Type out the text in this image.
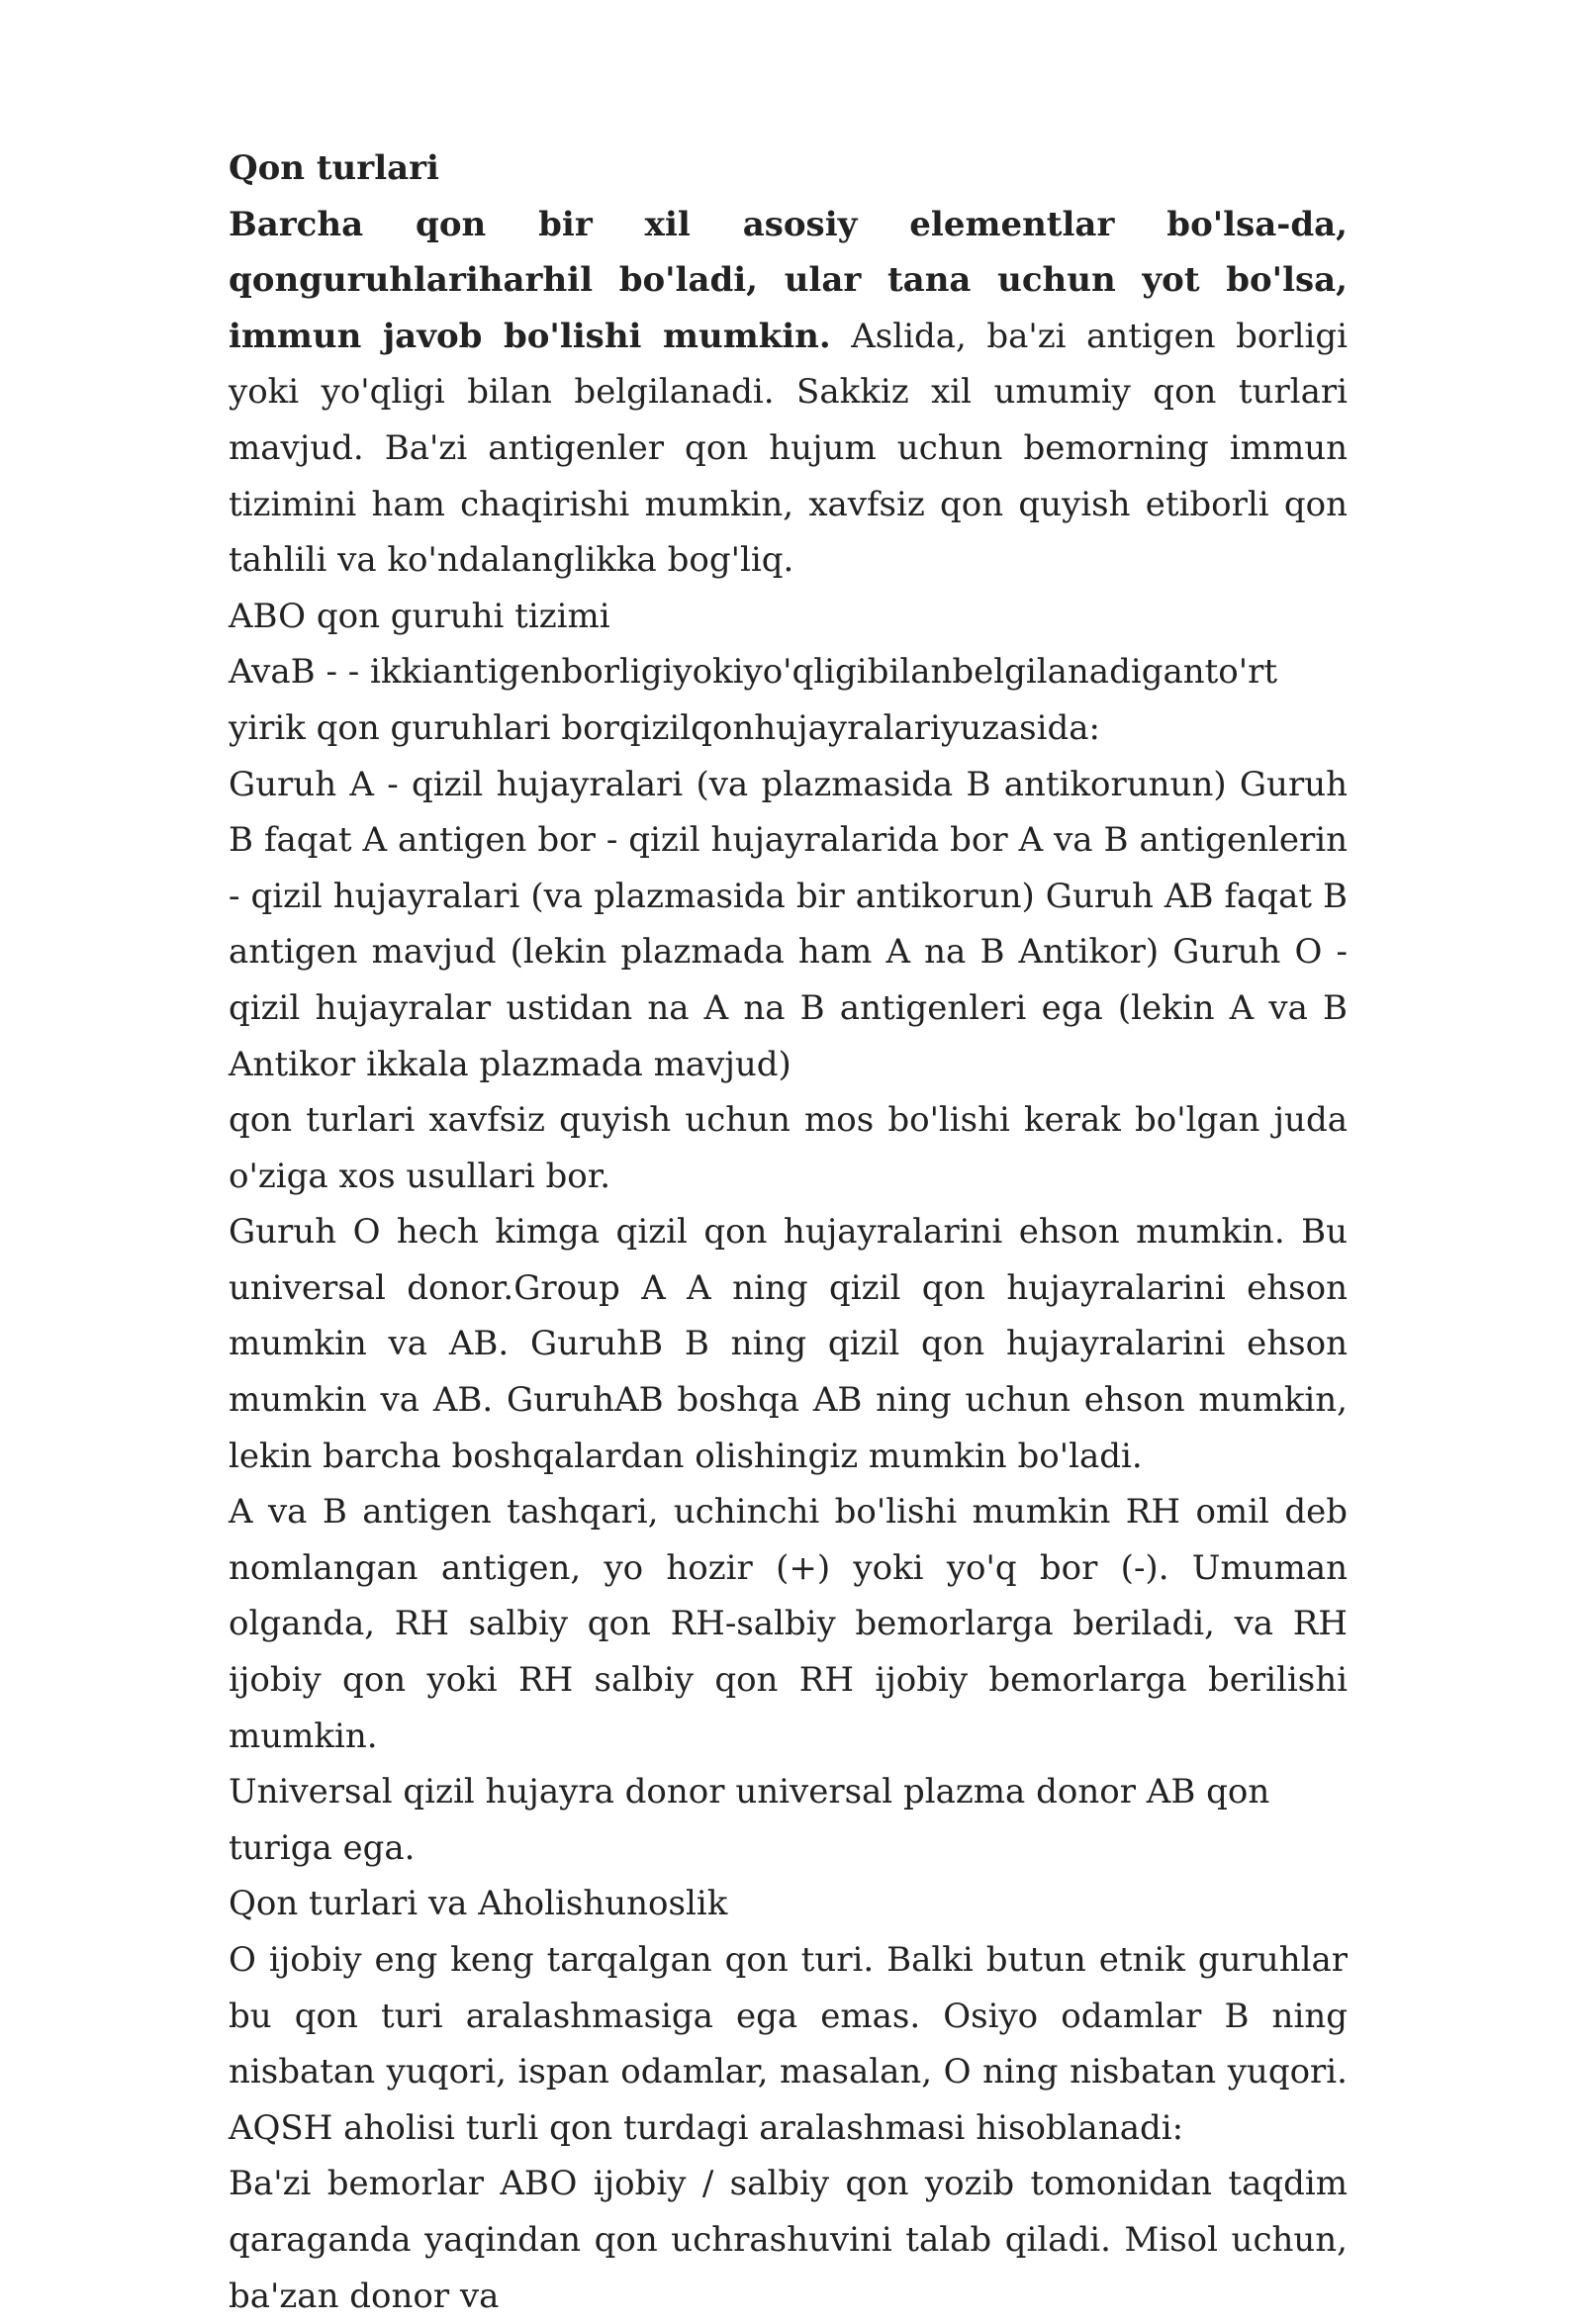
Qon turlari

Barcha qon bir xil asosiy elementlar bo'lsa-da, qonguruhlariharhil bo'ladi, ular tana uchun yot bo'lsa, immun javob bo'lishi mumkin. Aslida, ba'zi antigen borligi yoki yo'qligi bilan belgilanadi. Sakkiz xil umumiy qon turlari mavjud. Ba'zi antigenler qon hujum uchun bemorning immun tizimini ham chaqirishi mumkin, xavfsiz qon quyish etiborli qon tahlili va ko'ndalanglikka bog'liq.

ABO qon guruhi tizimi

AvaB - - ikkiantigenborligiyokiyo'qligibilanbelgilanadiganto'rt yirik qon guruhlari borqizilqonhujayralariyuzasida:

Guruh A - qizil hujayralari (va plazmasida B antikorunun) Guruh B faqat A antigen bor - qizil hujayralarida bor A va B antigenlerin - qizil hujayralari (va plazmasida bir antikorun) Guruh AB faqat B antigen mavjud (lekin plazmada ham A na B Antikor) Guruh O - qizil hujayralar ustidan na A na B antigenleri ega (lekin A va B Antikor ikkala plazmada mavjud)

qon turlari xavfsiz quyish uchun mos bo'lishi kerak bo'lgan juda o'ziga xos usullari bor.

Guruh O hech kimga qizil qon hujayralarini ehson mumkin. Bu universal donor.Group A A ning qizil qon hujayralarini ehson mumkin va AB. GuruhB B ning qizil qon hujayralarini ehson mumkin va AB. GuruhAB boshqa AB ning uchun ehson mumkin, lekin barcha boshqalardan olishingiz mumkin bo'ladi.

A va B antigen tashqari, uchinchi bo'lishi mumkin RH omil deb nomlangan antigen, yo hozir (+) yoki yo'q bor (-). Umuman olganda, RH salbiy qon RH-salbiy bemorlarga beriladi, va RH ijobiy qon yoki RH salbiy qon RH ijobiy bemorlarga berilishi mumkin.

Universal qizil hujayra donor universal plazma donor AB qon turiga ega.

Qon turlari va Aholishunoslik

O ijobiy eng keng tarqalgan qon turi. Balki butun etnik guruhlar bu qon turi aralashmasiga ega emas. Osiyo odamlar B ning nisbatan yuqori, ispan odamlar, masalan, O ning nisbatan yuqori. AQSH aholisi turli qon turdagi aralashmasi hisoblanadi:

Ba'zi bemorlar ABO ijobiy / salbiy qon yozib tomonidan taqdim qaraganda yaqindan qon uchrashuvini talab qiladi. Misol uchun, ba'zan donor va
